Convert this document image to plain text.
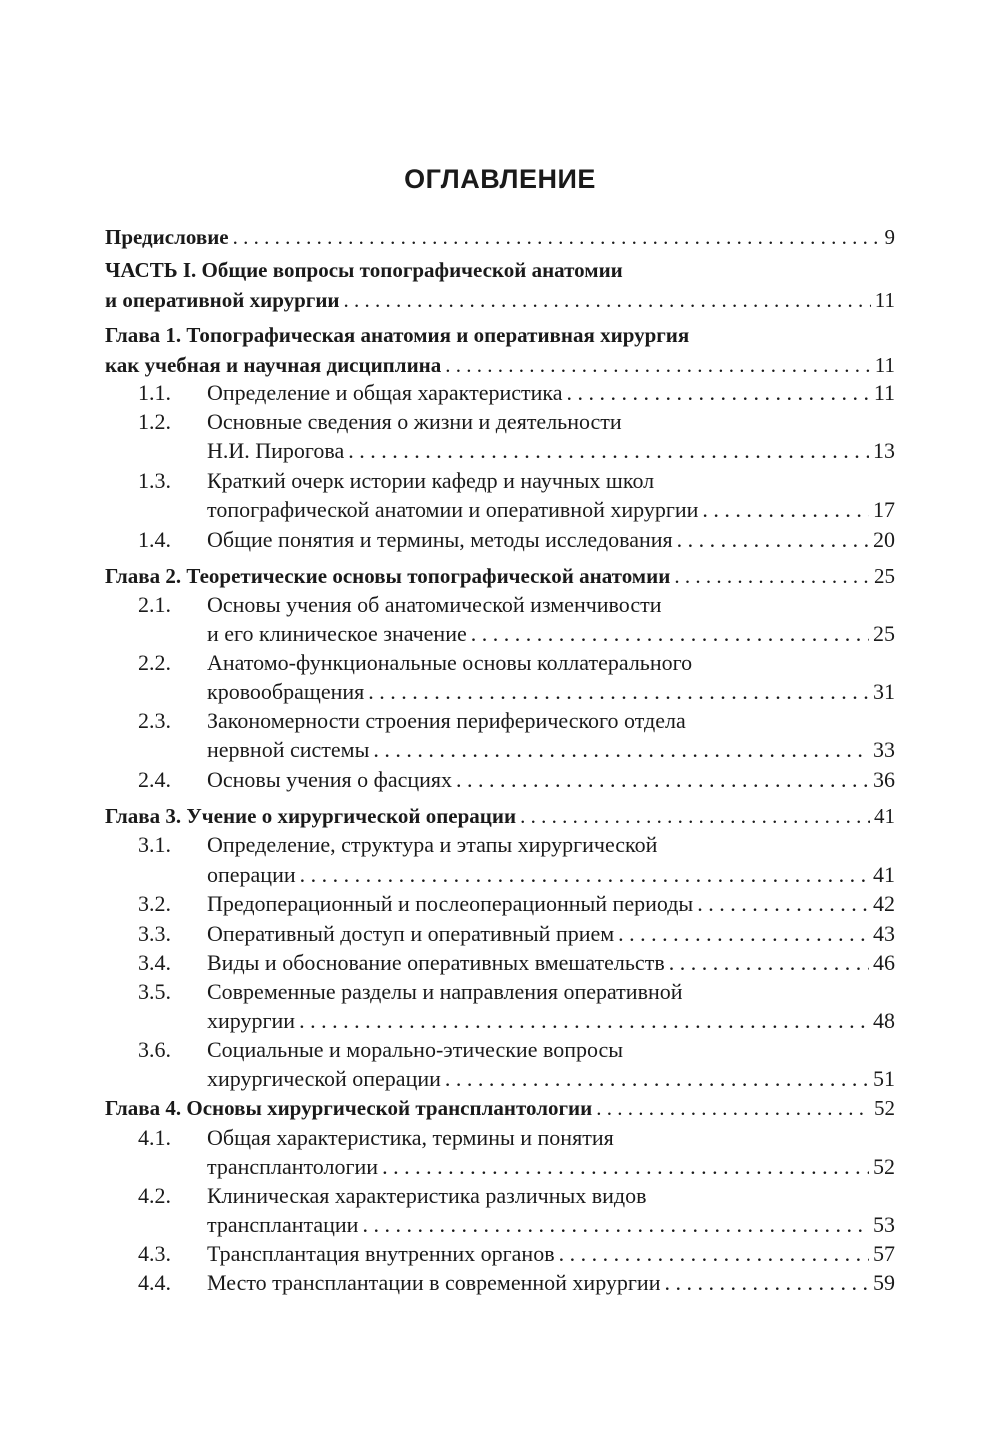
ОГЛАВЛЕНИЕ
Предисловие . . .	9
ЧАСТЬ I. Общие вопросы топографической анатомии
и оперативной хирургии . . .	11
Глава 1. Топографическая анатомия и оперативная хирургия
как учебная и научная дисциплина . . .	11
1.1. Определение и общая характеристика . . .	11
1.2. Основные сведения о жизни и деятельности
Н.И. Пирогова . . .	13
1.3. Краткий очерк истории кафедр и научных школ
топографической анатомии и оперативной хирургии . . .	17
1.4. Общие понятия и термины, методы исследования . . .	20
Глава 2. Теоретические основы топографической анатомии . . .	25
2.1. Основы учения об анатомической изменчивости
и его клиническое значение . . .	25
2.2. Анатомо-функциональные основы коллатерального
кровообращения . . .	31
2.3. Закономерности строения периферического отдела
нервной системы . . .	33
2.4. Основы учения о фасциях . . .	36
Глава 3. Учение о хирургической операции . . .	41
3.1. Определение, структура и этапы хирургической
операции . . .	41
3.2. Предоперационный и послеоперационный периоды . . .	42
3.3. Оперативный доступ и оперативный прием . . .	43
3.4. Виды и обоснование оперативных вмешательств . . .	46
3.5. Современные разделы и направления оперативной
хирургии . . .	48
3.6. Социальные и морально-этические вопросы
хирургической операции . . .	51
Глава 4. Основы хирургической трансплантологии . . .	52
4.1. Общая характеристика, термины и понятия
трансплантологии . . .	52
4.2. Клиническая характеристика различных видов
трансплантации . . .	53
4.3. Трансплантация внутренних органов . . .	57
4.4. Место трансплантации в современной хирургии . . .	59
